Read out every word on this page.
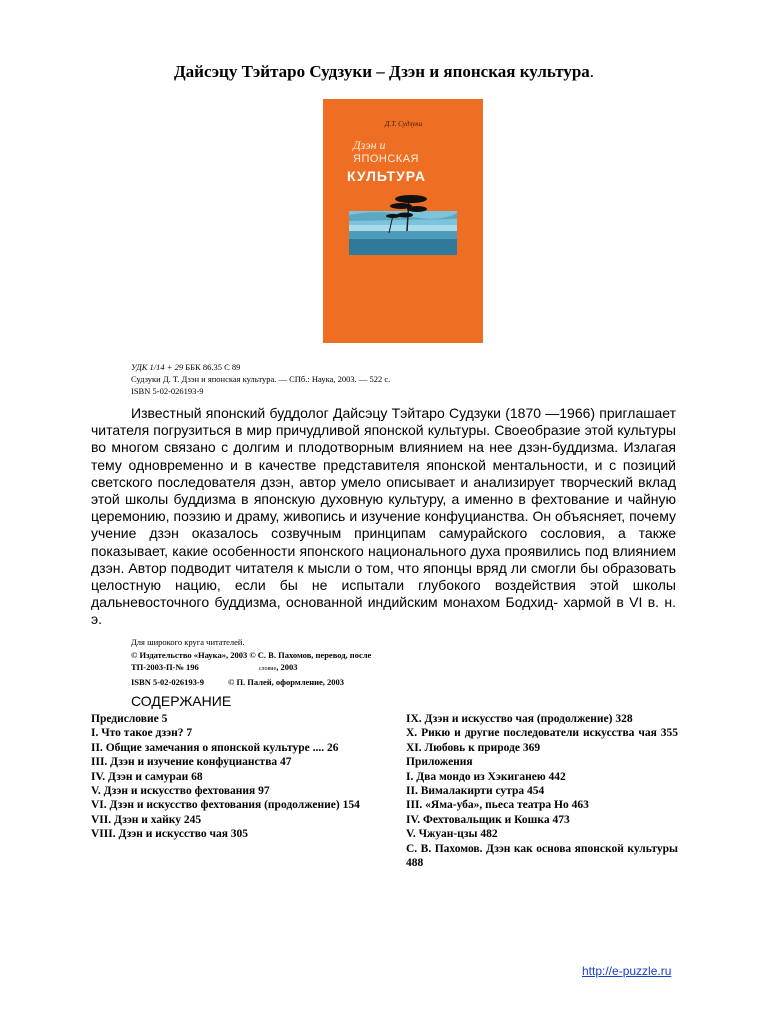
Дайсэцу Тэйтаро Судзуки – Дзэн и японская культура.
Д.Т. Судзуки
Дзэн и
ЯПОНСКАЯ
КУЛЬТУРА
УДК 1/14 + 29 ББК 86.35 С 89
Судзуки Д. Т. Дзэн и японская культура. — СПб.: Наука, 2003. — 522 с.
ISBN 5-02-026193-9
Известный японский буддолог Дайсэцу Тэйтаро Судзуки (1870 —1966) приглашает читателя погрузиться в мир причудливой японской культуры. Своеобразие этой культуры во многом связано с долгим и плодотворным влиянием на нее дзэн-буддизма. Излагая тему одновременно и в качестве представителя японской ментальности, и с позиций светского последователя дзэн, автор умело описывает и анализирует творческий вклад этой школы буддизма в японскую духовную культуру, а именно в фехтование и чайную церемонию, поэзию и драму, живопись и изучение конфуцианства. Он объясняет, почему учение дзэн оказалось созвучным принципам самурайского сословия, а также показывает, какие особенности японского национального духа проявились под влиянием дзэн. Автор подводит читателя к мысли о том, что японцы вряд ли смогли бы образовать целостную нацию, если бы не испытали глубокого воздействия этой школы дальневосточного буддизма, основанной индийским монахом Бодхид- хармой в VI в. н. э.
Для широкого круга читателей.
© Издательство «Наука», 2003 © С. В. Пахомов, перевод, после
ТП-2003-П-№ 196	словие, 2003
ISBN 5-02-026193-9	© П. Палей, оформление, 2003
СОДЕРЖАНИЕ
Предисловие 5
I. Что такое дзэн? 7
II. Общие замечания о японской культуре .... 26
III. Дзэн и изучение конфуцианства 47
IV. Дзэн и самураи 68
V. Дзэн и искусство фехтования 97
VI. Дзэн и искусство фехтования (продолжение) 154
VII. Дзэн и хайку 245
VIII. Дзэн и искусство чая 305
IX. Дзэн и искусство чая (продолжение) 328
X. Рикю и другие последователи искусства чая 355 XI. Любовь к природе 369
Приложения
I. Два мондо из Хэкиганею 442
II. Вималакирти сутра 454
III. «Яма-уба», пьеса театра Но 463
IV. Фехтовальщик и Кошка 473
V. Чжуан-цзы 482
С. В. Пахомов. Дзэн как основа японской культуры 488
http://e-puzzle.ru
